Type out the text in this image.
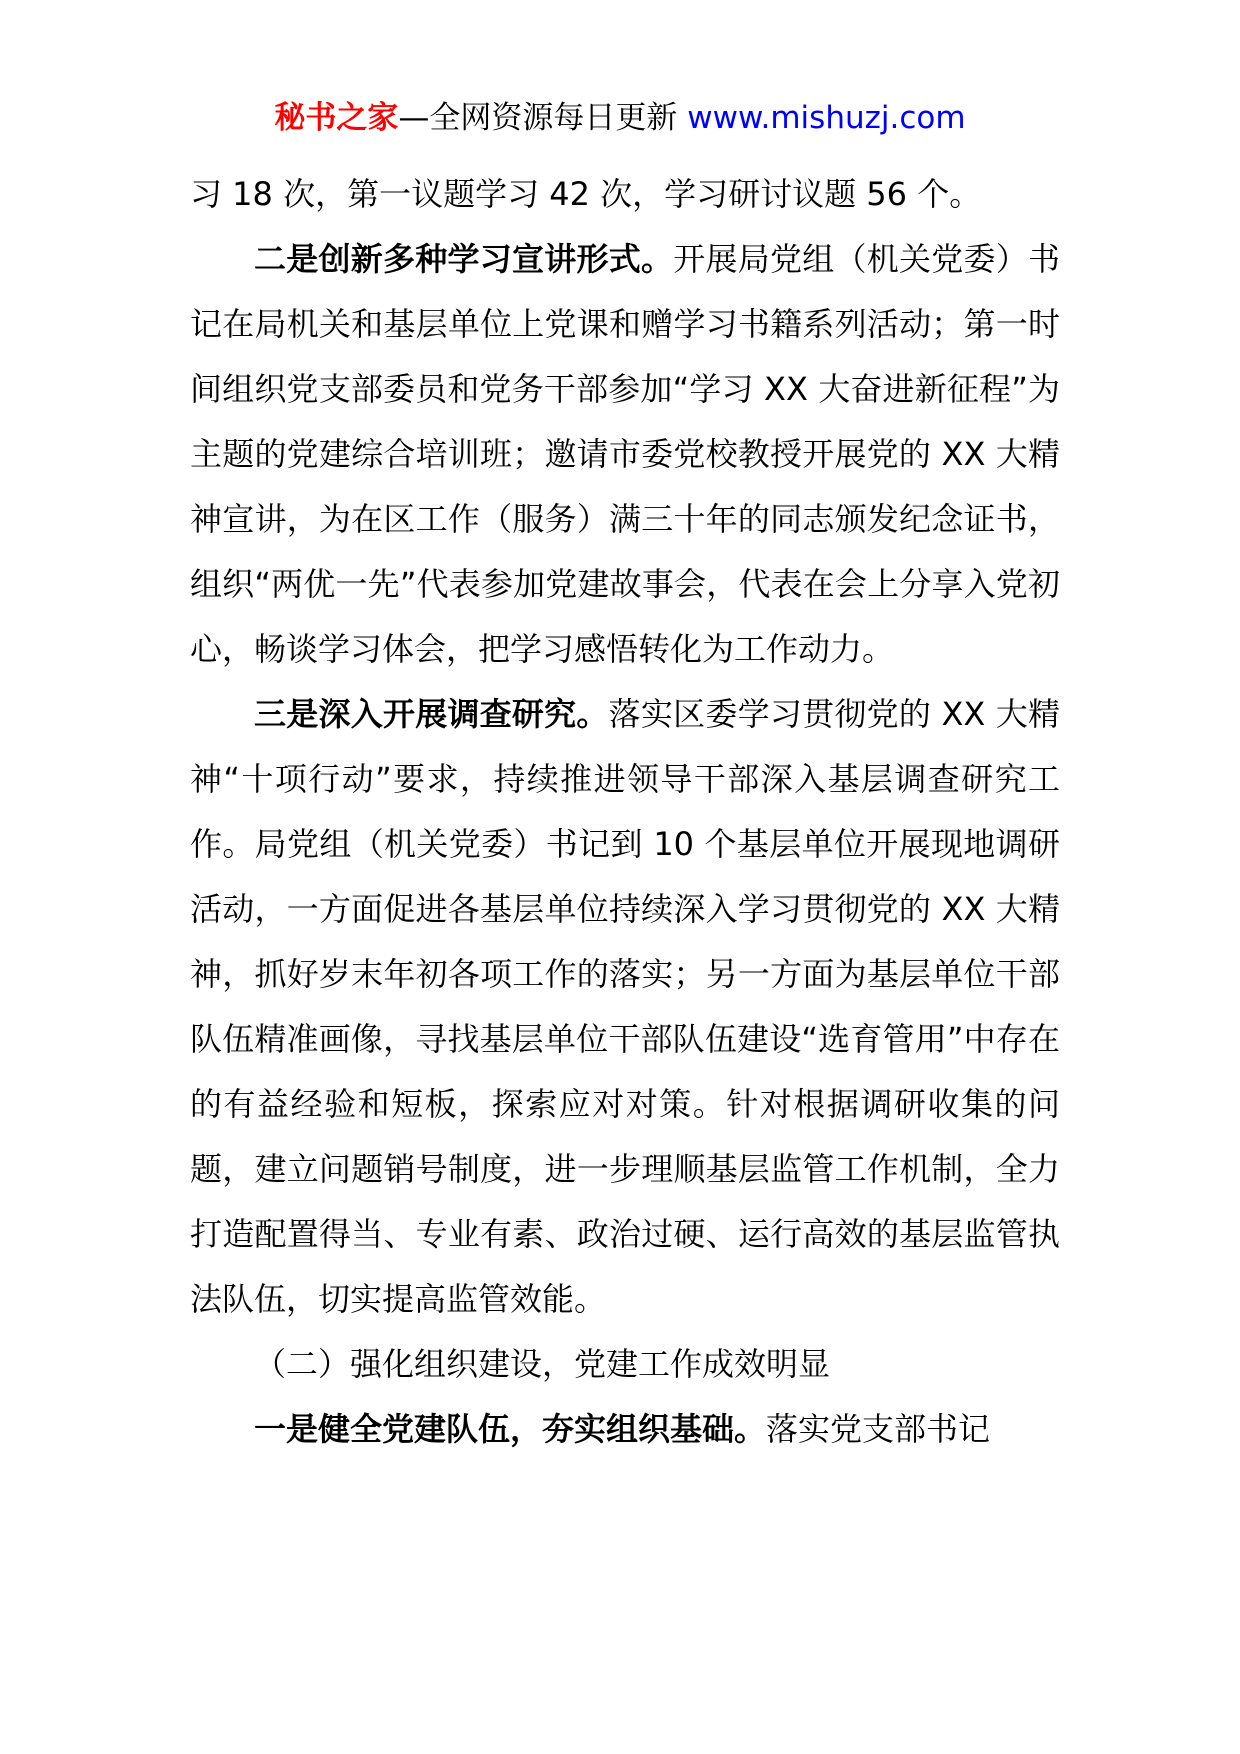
秘书之家—全网资源每日更新 www.mishuzj.com

习 18 次，第一议题学习 42 次，学习研讨议题 56 个。

二是创新多种学习宣讲形式。开展局党组（机关党委）书记在局机关和基层单位上党课和赠学习书籍系列活动；第一时间组织党支部委员和党务干部参加“学习 XX 大奋进新征程”为主题的党建综合培训班；邀请市委党校教授开展党的 XX 大精神宣讲，为在区工作（服务）满三十年的同志颁发纪念证书，组织“两优一先”代表参加党建故事会，代表在会上分享入党初心，畅谈学习体会，把学习感悟转化为工作动力。

三是深入开展调查研究。落实区委学习贯彻党的 XX 大精神“十项行动”要求，持续推进领导干部深入基层调查研究工作。局党组（机关党委）书记到 10 个基层单位开展现地调研活动，一方面促进各基层单位持续深入学习贯彻党的 XX 大精神，抓好岁末年初各项工作的落实；另一方面为基层单位干部队伍精准画像，寻找基层单位干部队伍建设“选育管用”中存在的有益经验和短板，探索应对对策。针对根据调研收集的问题，建立问题销号制度，进一步理顺基层监管工作机制，全力打造配置得当、专业有素、政治过硬、运行高效的基层监管执法队伍，切实提高监管效能。

（二）强化组织建设，党建工作成效明显

一是健全党建队伍，夯实组织基础。落实党支部书记
